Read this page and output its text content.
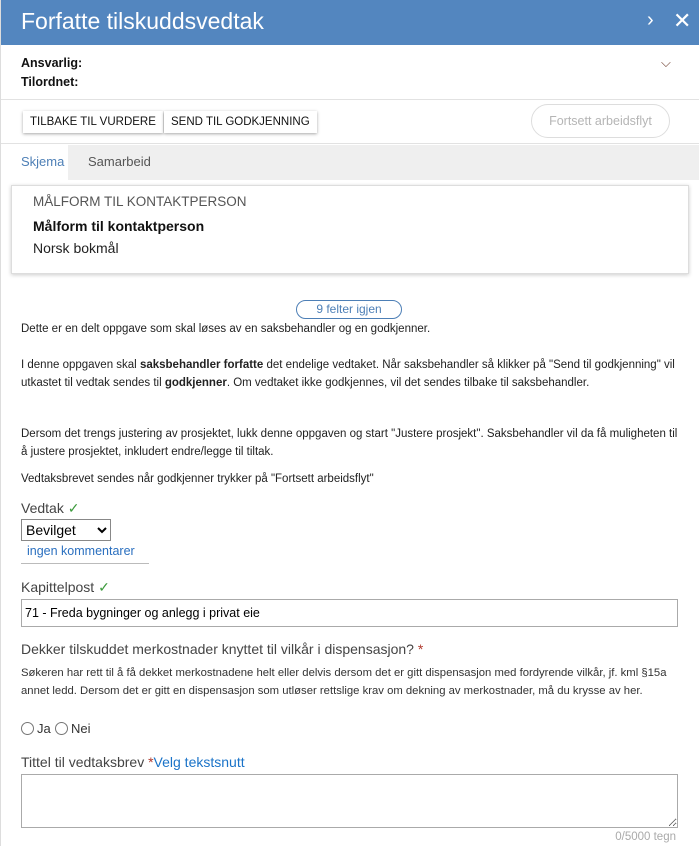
Forfatte tilskuddsvedtak	› ✕
Ansvarlig:
Tilordnet:
⌵
TILBAKE TIL VURDERE	SEND TIL GODKJENNING	Fortsett arbeidsflyt
Skjema	Samarbeid
MÅLFORM TIL KONTAKTPERSON
Målform til kontaktperson
Norsk bokmål
9 felter igjen
Dette er en delt oppgave som skal løses av en saksbehandler og en godkjenner.
I denne oppgaven skal saksbehandler forfatte det endelige vedtaket. Når saksbehandler så klikker på "Send til godkjenning" vil utkastet til vedtak sendes til godkjenner. Om vedtaket ikke godkjennes, vil det sendes tilbake til saksbehandler.
Dersom det trengs justering av prosjektet, lukk denne oppgaven og start "Justere prosjekt". Saksbehandler vil da få muligheten til å justere prosjektet, inkludert endre/legge til tiltak.
Vedtaksbrevet sendes når godkjenner trykker på "Fortsett arbeidsflyt"
Vedtak ✓
Bevilget
ingen kommentarer
Kapittelpost ✓
71 - Freda bygninger og anlegg i privat eie
Dekker tilskuddet merkostnader knyttet til vilkår i dispensasjon? *
Søkeren har rett til å få dekket merkostnadene helt eller delvis dersom det er gitt dispensasjon med fordyrende vilkår, jf. kml §15a annet ledd. Dersom det er gitt en dispensasjon som utløser rettslige krav om dekning av merkostnader, må du krysse av her.
Ja	Nei
Tittel til vedtaksbrev *Velg tekstsnutt
0/5000 tegn
